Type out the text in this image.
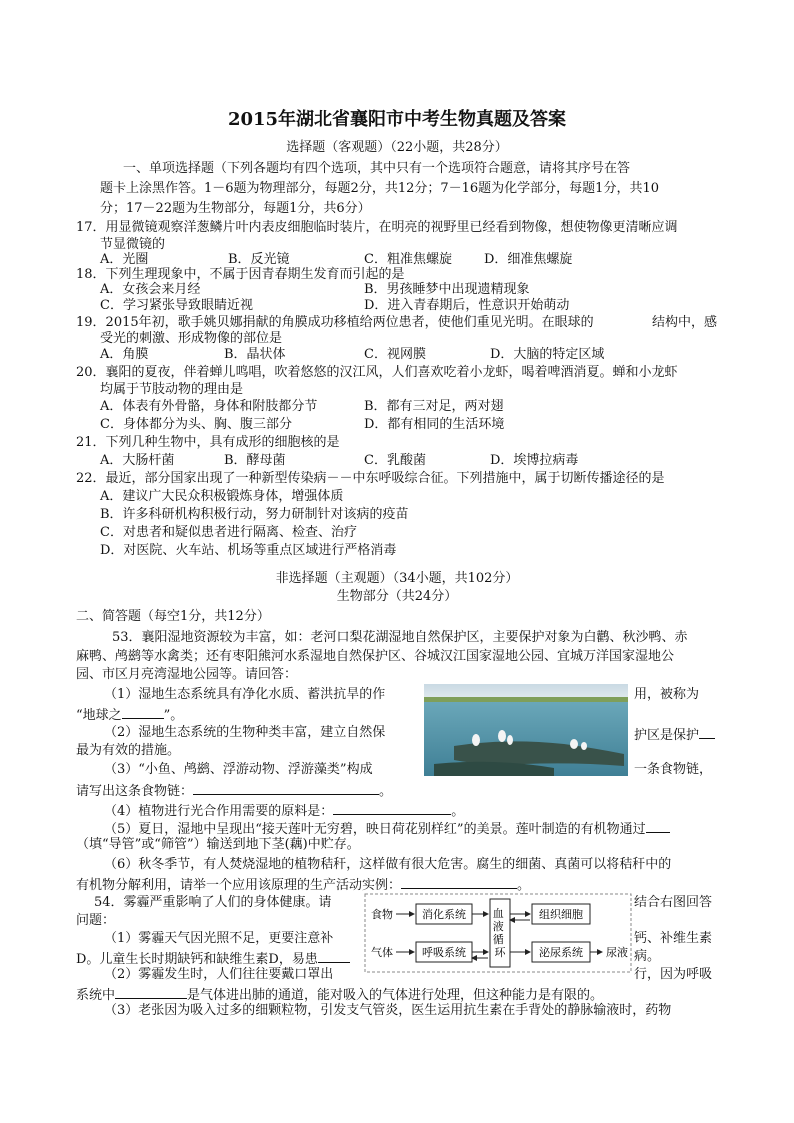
2015年湖北省襄阳市中考生物真题及答案
选择题（客观题）（22小题，共28分）
一、单项选择题（下列各题均有四个选项，其中只有一个选项符合题意，请将其序号在答
题卡上涂黑作答。1－6题为物理部分，每题2分，共12分；7－16题为化学部分，每题1分，共10
分；17－22题为生物部分，每题1分，共6分）
17．用显微镜观察洋葱鳞片叶内表皮细胞临时装片，在明亮的视野里已经看到物像，想使物像更清晰应调
节显微镜的
A．光圈	B．反光镜	C．粗准焦螺旋 D．细准焦螺旋
18．下列生理现象中，不属于因青春期生发育而引起的是
A．女孩会来月经	B．男孩睡梦中出现遗精现象
C．学习紧张导致眼睛近视	D．进入青春期后，性意识开始萌动
19．2015年初，歌手姚贝娜捐献的角膜成功移植给两位患者，使他们重见光明。在眼球的	结构中，感
受光的刺激、形成物像的部位是
A．角膜	B．晶状体	C．视网膜	D．大脑的特定区域
20．襄阳的夏夜，伴着蝉儿鸣唱，吹着悠悠的汉江风，人们喜欢吃着小龙虾，喝着啤酒消夏。蝉和小龙虾
均属于节肢动物的理由是
A．体表有外骨骼，身体和附肢都分节	B．都有三对足，两对翅
C．身体都分为头、胸、腹三部分	D．都有相同的生活环境
21．下列几种生物中，具有成形的细胞核的是
A．大肠杆菌	B．酵母菌	C．乳酸菌	D．埃博拉病毒
22．最近，部分国家出现了一种新型传染病－－中东呼吸综合征。下列措施中，属于切断传播途径的是
A．建议广大民众积极锻炼身体，增强体质
B．许多科研机构积极行动，努力研制针对该病的疫苗
C．对患者和疑似患者进行隔离、检查、治疗
D．对医院、火车站、机场等重点区域进行严格消毒
非选择题（主观题）（34小题，共102分）
生物部分（共24分）
二、简答题（每空1分，共12分）
53．襄阳湿地资源较为丰富，如：老河口梨花湖湿地自然保护区，主要保护对象为白鹳、秋沙鸭、赤
麻鸭、鸬鹚等水禽类；还有枣阳熊河水系湿地自然保护区、谷城汉江国家湿地公园、宜城万洋国家湿地公
园、市区月亮湾湿地公园等。请回答：
（1）湿地生态系统具有净化水质、蓄洪抗旱的作	用，被称为
“地球之	”。
（2）湿地生态系统的生物种类丰富，建立自然保	护区是保护
最为有效的措施。
（3）“小鱼、鸬鹚、浮游动物、浮游藻类”构成	一条食物链，
请写出这条食物链：	。
（4）植物进行光合作用需要的原料是：	。
（5）夏日，湿地中呈现出“接天莲叶无穷碧，映日荷花别样红”的美景。莲叶制造的有机物通过
（填“导管”或“筛管”）输送到地下茎(藕)中贮存。
（6）秋冬季节，有人焚烧湿地的植物秸秆，这样做有很大危害。腐生的细菌、真菌可以将秸秆中的
有机物分解利用，请举一个应用该原理的生产活动实例：	。
54．雾霾严重影响了人们的身体健康。请	结合右图回答
问题：	食物
气体
消化系统
呼吸系统
血 液 循 环
组织细胞
泌尿系统 尿液
（1）雾霾天气因光照不足，更要注意补	钙、补维生素
D。儿童生长时期缺钙和缺维生素D，易患	病。
（2）雾霾发生时，人们往往要戴口罩出	行，因为呼吸
系统中	是气体进出肺的通道，能对吸入的气体进行处理，但这种能力是有限的。
（3）老张因为吸入过多的细颗粒物，引发支气管炎，医生运用抗生素在手背处的静脉输液时，药物
